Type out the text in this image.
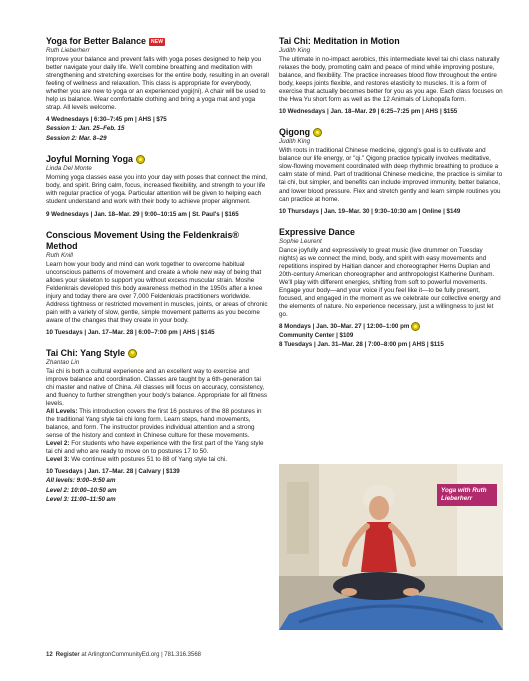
Yoga for Better Balance	NEW
Ruth Lieberherr
Improve your balance and prevent falls with yoga poses designed to help you better navigate your daily life. We'll combine breathing and meditation with strengthening and stretching exercises for the entire body, resulting in an overall feeling of wellness and relaxation. This class is appropriate for everybody, whether you are new to yoga or an experienced yogi(ni). A chair will be used to help us balance. Wear comfortable clothing and bring a yoga mat and yoga strap. All levels welcome.
4 Wednesdays | 6:30–7:45 pm | AHS | $75
Session 1: Jan. 25–Feb. 15
Session 2: Mar. 8–29
Joyful Morning Yoga
Linda Del Monte
Morning yoga classes ease you into your day with poses that connect the mind, body, and spirit. Bring calm, focus, increased flexibility, and strength to your life with regular practice of yoga. Particular attention will be given to helping each student understand and work with their body to achieve proper alignment.
9 Wednesdays | Jan. 18–Mar. 29 | 9:00–10:15 am | St. Paul's | $165
Conscious Movement Using the Feldenkrais® Method
Ruth Knill
Learn how your body and mind can work together to overcome habitual unconscious patterns of movement and create a whole new way of being that allows your skeleton to support you without excess muscular strain. Moshe Feldenkrais developed this body awareness method in the 1950s after a knee injury and today there are over 7,000 Feldenkrais practitioners worldwide. Address tightness or restricted movement in muscles, joints, or areas of chronic pain with a variety of slow, gentle, simple movement patterns as you become aware of the changes that they create in your body.
10 Tuesdays | Jan. 17–Mar. 28 | 6:00–7:00 pm | AHS | $145
Tai Chi: Yang Style
Zhantao Lin
Tai chi is both a cultural experience and an excellent way to exercise and improve balance and coordination. Classes are taught by a 6th-generation tai chi master and native of China. All classes will focus on accuracy, consistency, and fluency to further strengthen your body's balance. Appropriate for all fitness levels.
All Levels: This introduction covers the first 16 postures of the 88 postures in the traditional Yang style tai chi long form. Learn steps, hand movements, balance, and form. The instructor provides individual attention and a strong sense of the history and context in Chinese culture for these movements.
Level 2: For students who have experience with the first part of the Yang style tai chi and who are ready to move on to postures 17 to 50.
Level 3: We continue with postures 51 to 88 of Yang style tai chi.
10 Tuesdays | Jan. 17–Mar. 28 | Calvary | $139
All levels: 9:00–9:50 am
Level 2: 10:00–10:50 am
Level 3: 11:00–11:50 am
Tai Chi: Meditation in Motion
Judith King
The ultimate in no-impact aerobics, this intermediate level tai chi class naturally relaxes the body, promoting calm and peace of mind while improving posture, balance, and flexibility. The practice increases blood flow throughout the entire body, keeps joints flexible, and restores elasticity to muscles. It is a form of exercise that actually becomes better for you as you age. Each class focuses on the Hwa Yu short form as well as the 12 Animals of Liuhopafa form.
10 Wednesdays | Jan. 18–Mar. 29 | 6:25–7:25 pm | AHS | $155
Qigong
Judith King
With roots in traditional Chinese medicine, qigong's goal is to cultivate and balance our life energy, or "qi." Qigong practice typically involves meditative, slow-flowing movement coordinated with deep rhythmic breathing to produce a calm state of mind. Part of traditional Chinese medicine, the practice is similar to tai chi, but simpler, and benefits can include improved immunity, better balance, and lower blood pressure. Flex and stretch gently and learn simple routines you can practice at home.
10 Thursdays | Jan. 19–Mar. 30 | 9:30–10:30 am | Online | $149
Expressive Dance
Sophie Leurent
Dance joyfully and expressively to great music (live drummer on Tuesday nights) as we connect the mind, body, and spirit with easy movements and repetitions inspired by Haitian dancer and choreographer Herns Duplan and 20th-century American choreographer and anthropologist Katherine Dunham. We'll play with different energies, shifting from soft to powerful movements. Engage your body—and your voice if you feel like it—to be fully present, focused, and engaged in the moment as we celebrate our collective energy and the elements of nature. No experience necessary, just a willingness to just let go.
8 Mondays | Jan. 30–Mar. 27 | 12:00–1:00 pm
Community Center | $109
8 Tuesdays | Jan. 31–Mar. 28 | 7:00–8:00 pm | AHS | $115
Yoga with Ruth Lieberherr
12 Register at ArlingtonCommunityEd.org | 781.316.3568
